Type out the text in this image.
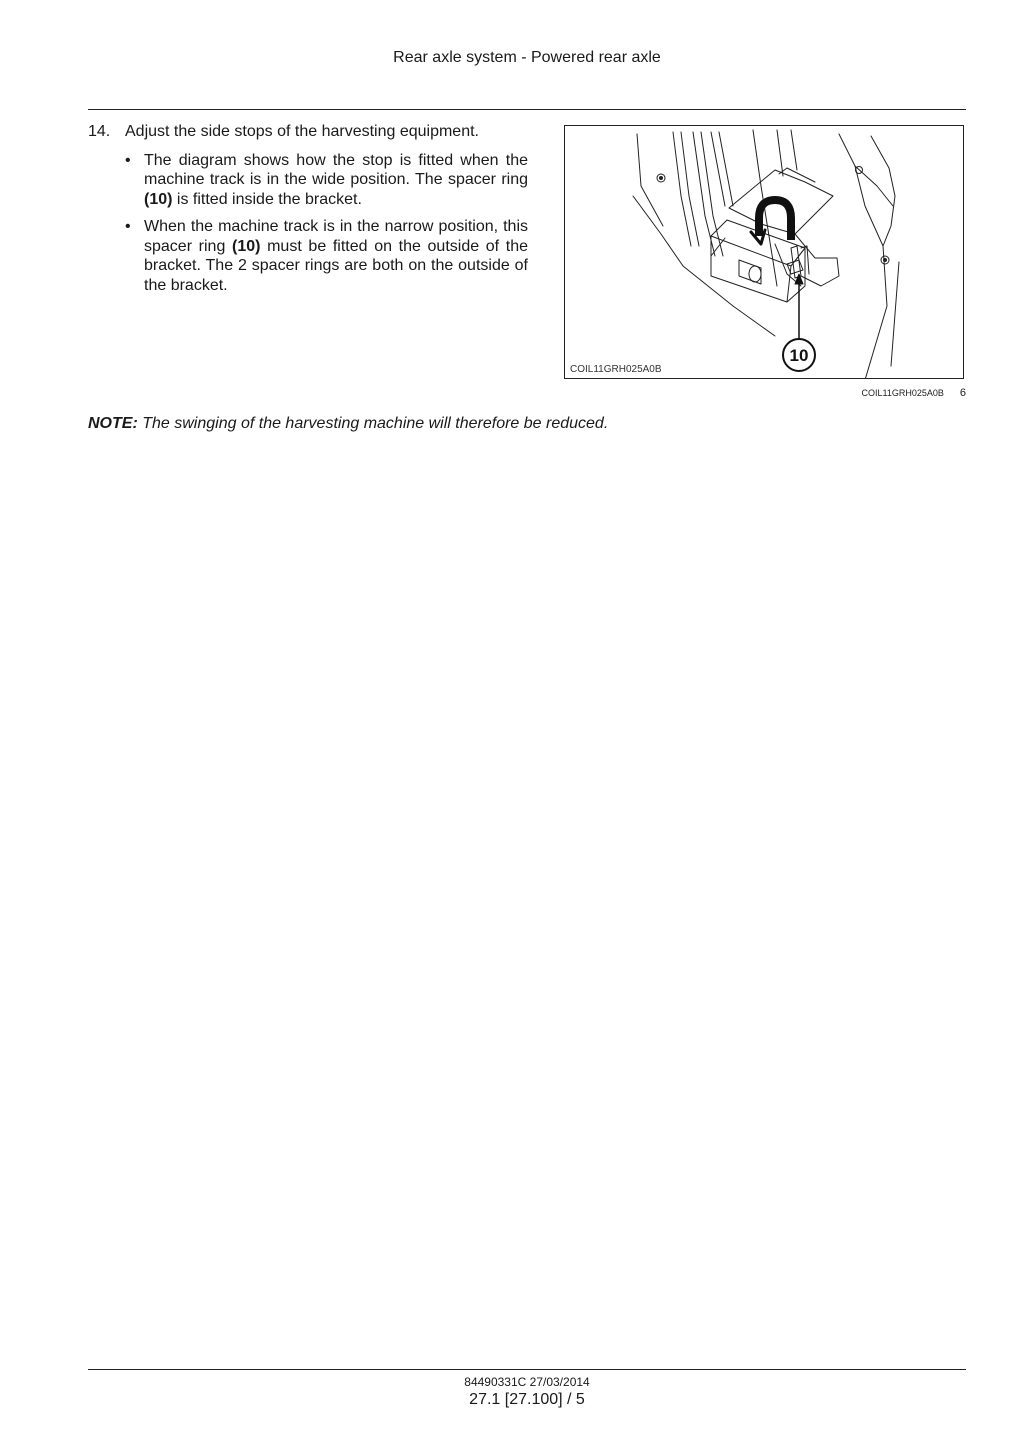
Rear axle system - Powered rear axle
14. Adjust the side stops of the harvesting equipment.
• The diagram shows how the stop is fitted when the machine track is in the wide position. The spacer ring (10) is fitted inside the bracket.
• When the machine track is in the narrow position, this spacer ring (10) must be fitted on the outside of the bracket. The 2 spacer rings are both on the outside of the bracket.
10
COIL11GRH025A0B
COIL11GRH025A0B 6
NOTE: The swinging of the harvesting machine will therefore be reduced.
84490331C 27/03/2014
27.1 [27.100] / 5
